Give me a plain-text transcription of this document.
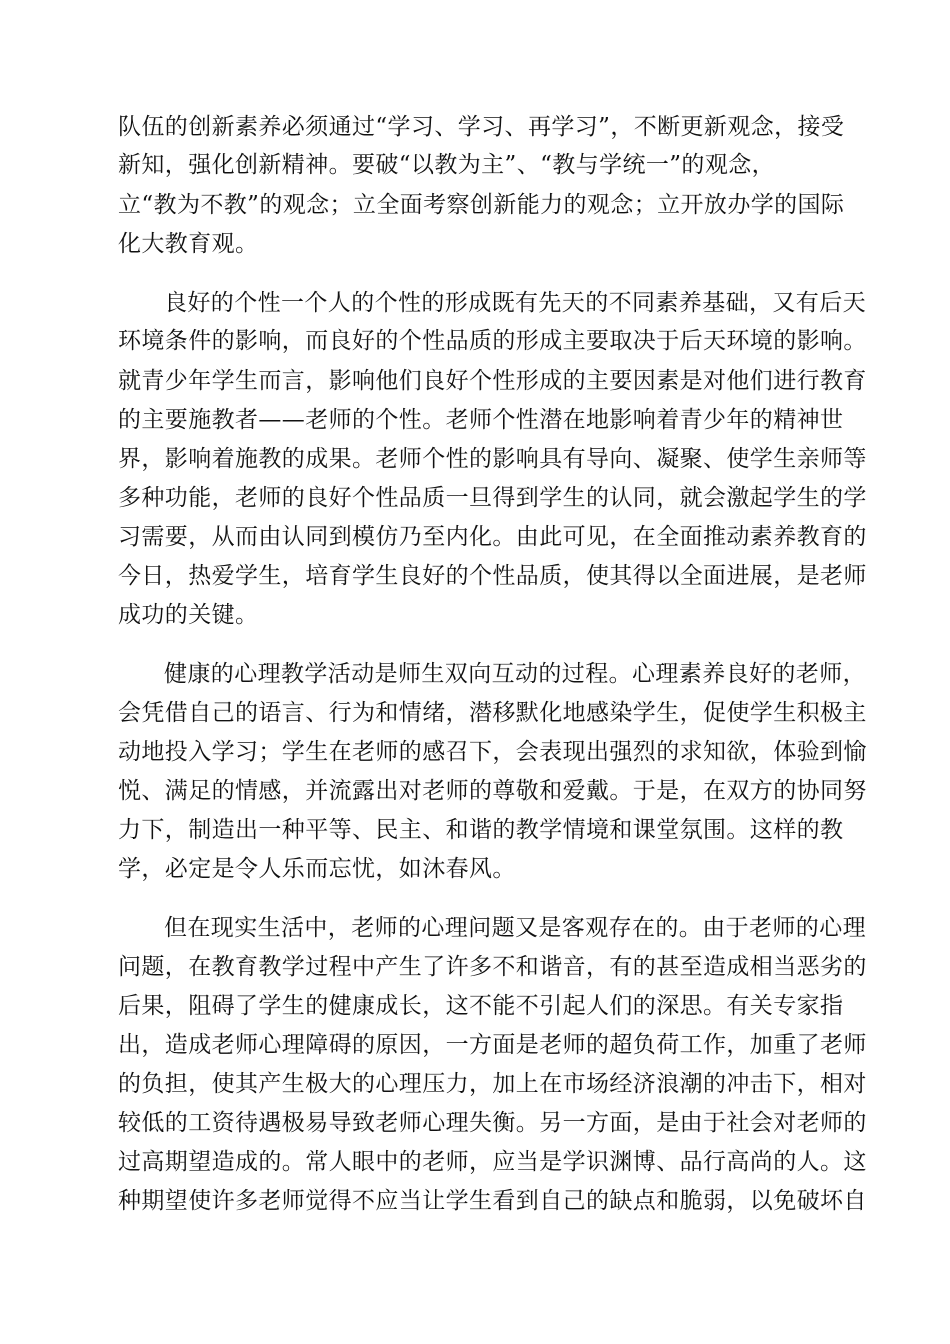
队伍的创新素养必须通过“学习、学习、再学习”，不断更新观念，接受

新知，强化创新精神。要破“以教为主”、“教与学统一”的观念，

立“教为不教”的观念；立全面考察创新能力的观念；立开放办学的国际

化大教育观。

良好的个性一个人的个性的形成既有先天的不同素养基础，又有后天

环境条件的影响，而良好的个性品质的形成主要取决于后天环境的影响。

就青少年学生而言，影响他们良好个性形成的主要因素是对他们进行教育

的主要施教者——老师的个性。老师个性潜在地影响着青少年的精神世

界，影响着施教的成果。老师个性的影响具有导向、凝聚、使学生亲师等

多种功能，老师的良好个性品质一旦得到学生的认同，就会激起学生的学

习需要，从而由认同到模仿乃至内化。由此可见，在全面推动素养教育的

今日，热爱学生，培育学生良好的个性品质，使其得以全面进展，是老师

成功的关键。

健康的心理教学活动是师生双向互动的过程。心理素养良好的老师，

会凭借自己的语言、行为和情绪，潜移默化地感染学生，促使学生积极主

动地投入学习；学生在老师的感召下，会表现出强烈的求知欲，体验到愉

悦、满足的情感，并流露出对老师的尊敬和爱戴。于是，在双方的协同努

力下，制造出一种平等、民主、和谐的教学情境和课堂氛围。这样的教

学，必定是令人乐而忘忧，如沐春风。

但在现实生活中，老师的心理问题又是客观存在的。由于老师的心理

问题，在教育教学过程中产生了许多不和谐音，有的甚至造成相当恶劣的

后果，阻碍了学生的健康成长，这不能不引起人们的深思。有关专家指

出，造成老师心理障碍的原因，一方面是老师的超负荷工作，加重了老师

的负担，使其产生极大的心理压力，加上在市场经济浪潮的冲击下，相对

较低的工资待遇极易导致老师心理失衡。另一方面，是由于社会对老师的

过高期望造成的。常人眼中的老师，应当是学识渊博、品行高尚的人。这

种期望使许多老师觉得不应当让学生看到自己的缺点和脆弱，以免破坏自
